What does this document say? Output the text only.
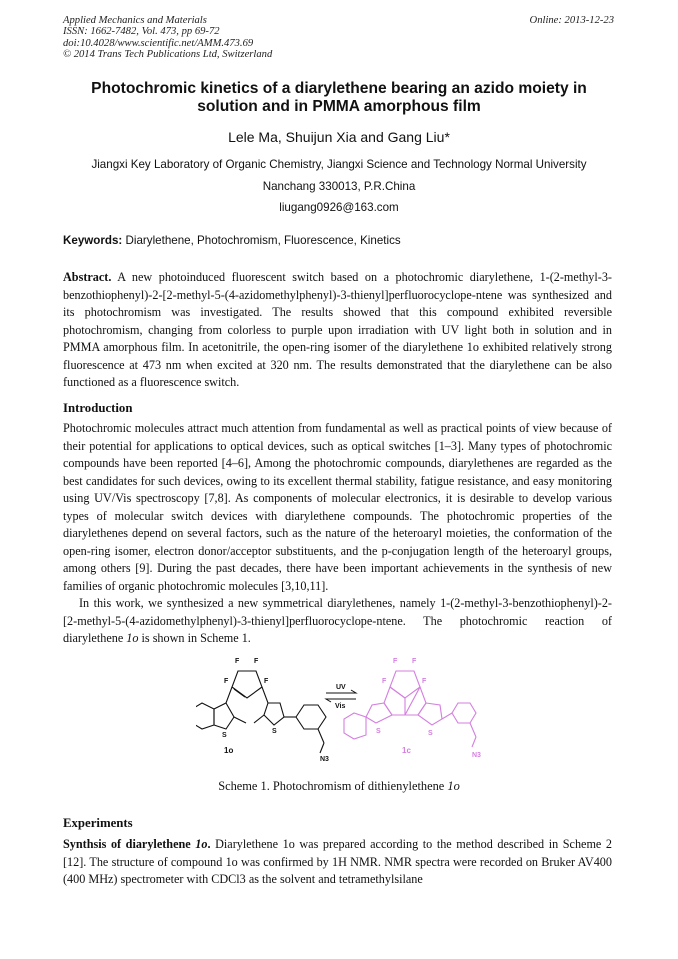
Applied Mechanics and Materials
ISSN: 1662-7482, Vol. 473, pp 69-72
doi:10.4028/www.scientific.net/AMM.473.69
© 2014 Trans Tech Publications Ltd, Switzerland
Online: 2013-12-23
Photochromic kinetics of a diarylethene bearing an azido moiety in
solution and in PMMA amorphous film
Lele Ma, Shuijun Xia and Gang Liu*
Jiangxi Key Laboratory of Organic Chemistry, Jiangxi Science and Technology Normal University
Nanchang 330013, P.R.China
liugang0926@163.com
Keywords: Diarylethene, Photochromism, Fluorescence, Kinetics
Abstract. A new photoinduced fluorescent switch based on a photochromic diarylethene, 1-(2-methyl-3-benzothiophenyl)-2-[2-methyl-5-(4-azidomethylphenyl)-3-thienyl]perfluorocyclope-ntene was synthesized and its photochromism was investigated. The results showed that this compound exhibited reversible photochromism, changing from colorless to purple upon irradiation with UV light both in solution and in PMMA amorphous film. In acetonitrile, the open-ring isomer of the diarylethene 1o exhibited relatively strong fluorescence at 473 nm when excited at 320 nm. The results demonstrated that the diarylethene can be also functioned as a fluorescence switch.
Introduction
Photochromic molecules attract much attention from fundamental as well as practical points of view because of their potential for applications to optical devices, such as optical switches [1–3]. Many types of photochromic compounds have been reported [4–6], Among the photochromic compounds, diarylethenes are regarded as the best candidates for such devices, owing to its excellent thermal stability, fatigue resistance, and easy monitoring using UV/Vis spectroscopy [7,8]. As components of molecular electronics, it is desirable to develop various types of molecular switch devices with diarylethene compounds. The photochromic properties of the diarylethenes depend on several factors, such as the nature of the heteroaryl moieties, the conformation of the open-ring isomer, electron donor/acceptor substituents, and the p-conjugation length of the heteroaryl groups, among others [9]. During the past decades, there have been important achievements in the synthesis of new families of organic photochromic molecules [3,10,11].
In this work, we synthesized a new symmetrical diarylethenes, namely 1-(2-methyl-3-benzothiophenyl)-2-[2-methyl-5-(4-azidomethylphenyl)-3-thienyl]perfluorocyclope-ntene. The photochromic reaction of diarylethene 1o is shown in Scheme 1.
F F
F
F
S
S
N3
1o
UV
Vis
F F
F
F
S	S
N3
1c
Scheme 1. Photochromism of dithienylethene 1o
Experiments
Synthsis of diarylethene 1o. Diarylethene 1o was prepared according to the method described in Scheme 2 [12]. The structure of compound 1o was confirmed by 1H NMR. NMR spectra were recorded on Bruker AV400 (400 MHz) spectrometer with CDCl3 as the solvent and tetramethylsilane
